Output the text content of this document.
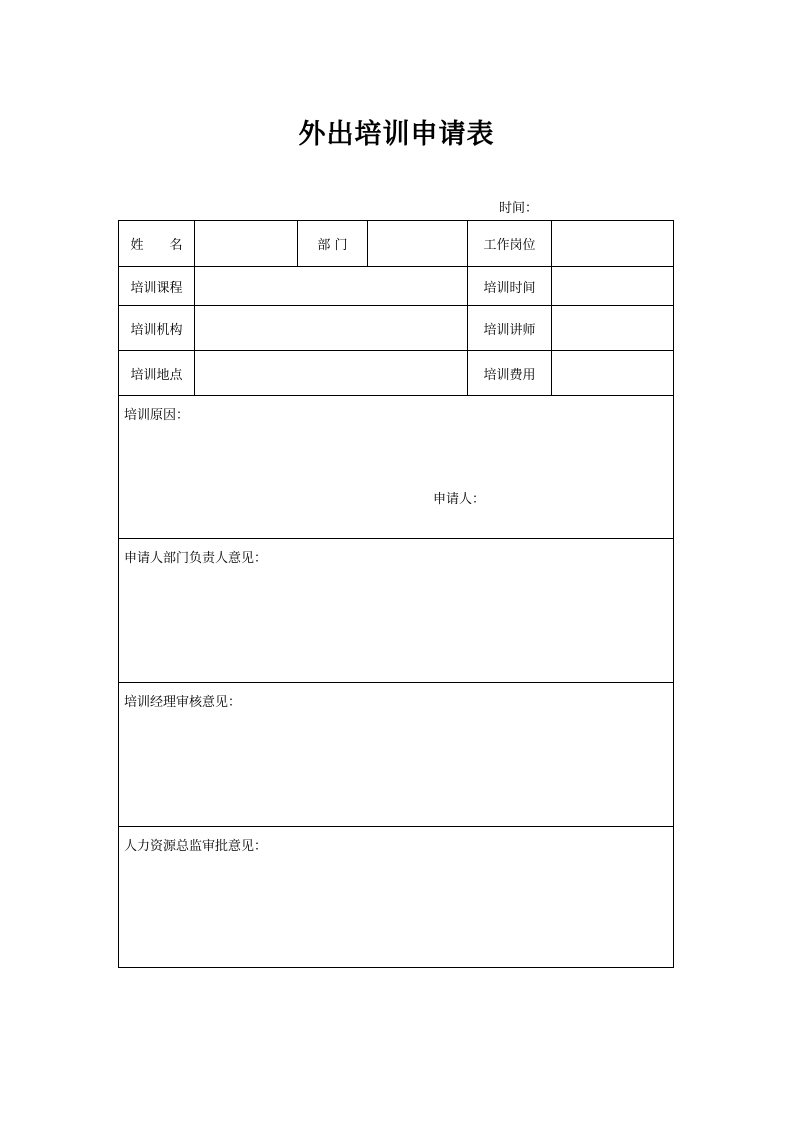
外出培训申请表
时间：
姓　　名	部 门	工作岗位
培训课程	培训时间
培训机构	培训讲师
培训地点	培训费用
培训原因：
申请人：
申请人部门负责人意见：
培训经理审核意见：
人力资源总监审批意见：
